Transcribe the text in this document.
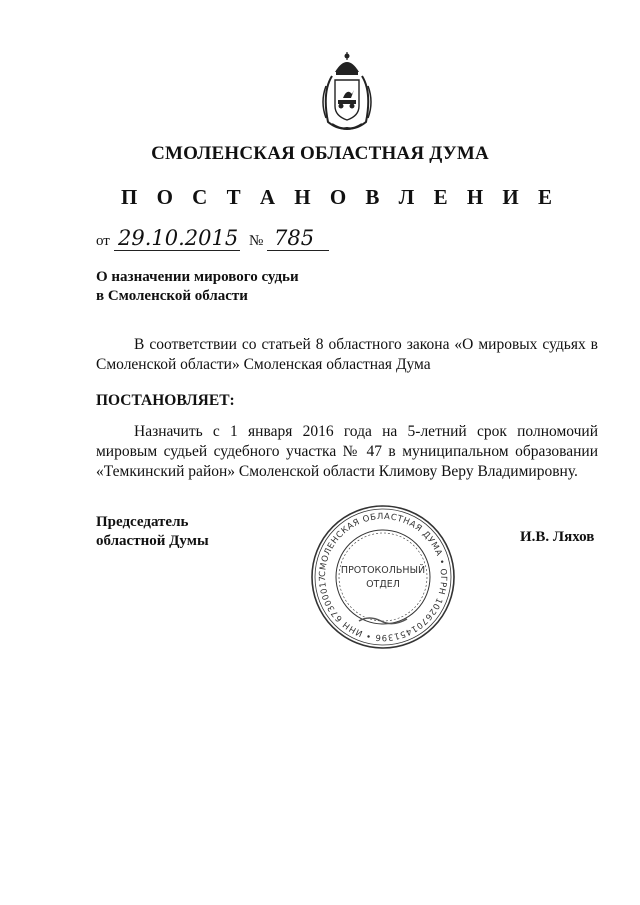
СМОЛЕНСКАЯ ОБЛАСТНАЯ ДУМА
П О С Т А Н О В Л Е Н И Е
от 29.10.2015 № 785
О назначении мирового судьи
в Смоленской области
В соответствии со статьей 8 областного закона «О мировых судьях в Смоленской области» Смоленская областная Дума
ПОСТАНОВЛЯЕТ:
Назначить с 1 января 2016 года на 5-летний срок полномочий мировым судьей судебного участка № 47 в муниципальном образовании «Темкинский район» Смоленской области Климову Веру Владимировну.
Председатель
областной Думы	И.В. Ляхов
СМОЛЕНСКАЯ ОБЛАСТНАЯ ДУМА • ОГРН 1026701451396 • ИНН 67300017
ПРОТОКОЛЬНЫЙ
ОТДЕЛ
